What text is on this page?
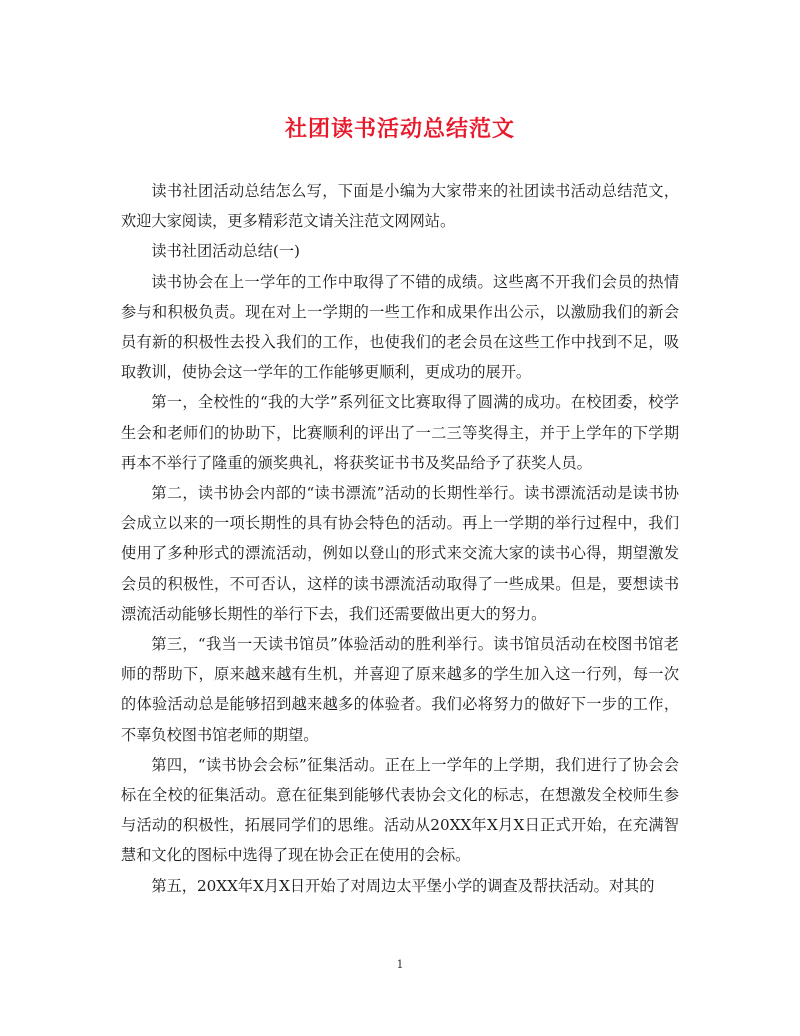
社团读书活动总结范文

读书社团活动总结怎么写，下面是小编为大家带来的社团读书活动总结范文，欢迎大家阅读，更多精彩范文请关注范文网网站。

读书社团活动总结(一)

读书协会在上一学年的工作中取得了不错的成绩。这些离不开我们会员的热情参与和积极负责。现在对上一学期的一些工作和成果作出公示，以激励我们的新会员有新的积极性去投入我们的工作，也使我们的老会员在这些工作中找到不足，吸取教训，使协会这一学年的工作能够更顺利，更成功的展开。

第一，全校性的“我的大学”系列征文比赛取得了圆满的成功。在校团委，校学生会和老师们的协助下，比赛顺利的评出了一二三等奖得主，并于上学年的下学期再本不举行了隆重的颁奖典礼，将获奖证书书及奖品给予了获奖人员。

第二，读书协会内部的“读书漂流”活动的长期性举行。读书漂流活动是读书协会成立以来的一项长期性的具有协会特色的活动。再上一学期的举行过程中，我们使用了多种形式的漂流活动，例如以登山的形式来交流大家的读书心得，期望激发会员的积极性，不可否认，这样的读书漂流活动取得了一些成果。但是，要想读书漂流活动能够长期性的举行下去，我们还需要做出更大的努力。

第三，“我当一天读书馆员”体验活动的胜利举行。读书馆员活动在校图书馆老师的帮助下，原来越来越有生机，并喜迎了原来越多的学生加入这一行列，每一次的体验活动总是能够招到越来越多的体验者。我们必将努力的做好下一步的工作，不辜负校图书馆老师的期望。

第四，“读书协会会标”征集活动。正在上一学年的上学期，我们进行了协会会标在全校的征集活动。意在征集到能够代表协会文化的标志，在想激发全校师生参与活动的积极性，拓展同学们的思维。活动从20XX年X月X日正式开始，在充满智慧和文化的图标中选得了现在协会正在使用的会标。

第五，20XX年X月X日开始了对周边太平堡小学的调查及帮扶活动。对其的

1
